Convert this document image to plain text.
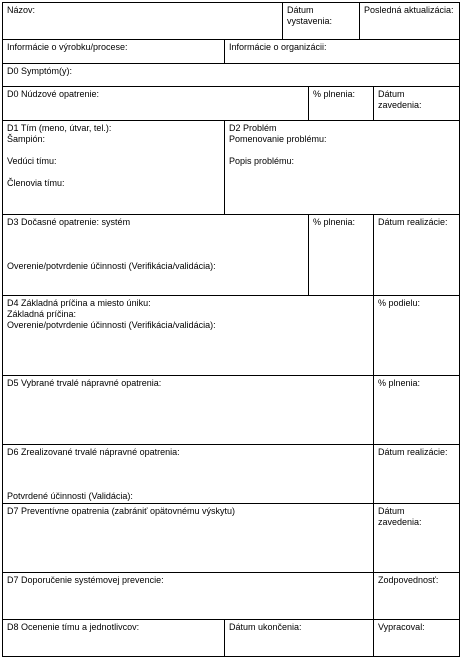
Názov:	Dátum
vystavenia:
Posledná aktualizácia:
Informácie o výrobku/procese:	Informácie o organizácii:
D0 Symptóm(y):
D0 Núdzové opatrenie:	% plnenia:	Dátum
zavedenia:
D1 Tím (meno, útvar, tel.):
Šampión:
Vedúci tímu:
Členovia tímu:
D2 Problém
Pomenovanie problému:
Popis problému:
D3 Dočasné opatrenie: systém
Overenie/potvrdenie účinnosti (Verifikácia/validácia):
% plnenia:	Dátum realizácie:
D4 Základná príčina a miesto úniku:
Základná príčina:
Overenie/potvrdenie účinnosti (Verifikácia/validácia):
% podielu:
D5 Vybrané trvalé nápravné opatrenia:	% plnenia:
D6 Zrealizované trvalé nápravné opatrenia:
Potvrdené účinnosti (Validácia):
Dátum realizácie:
D7 Preventívne opatrenia (zabrániť opätovnému výskytu)	Dátum
zavedenia:
D7 Doporučenie systémovej prevencie:	Zodpovednosť:
D8 Ocenenie tímu a jednotlivcov:	Dátum ukončenia:	Vypracoval:
